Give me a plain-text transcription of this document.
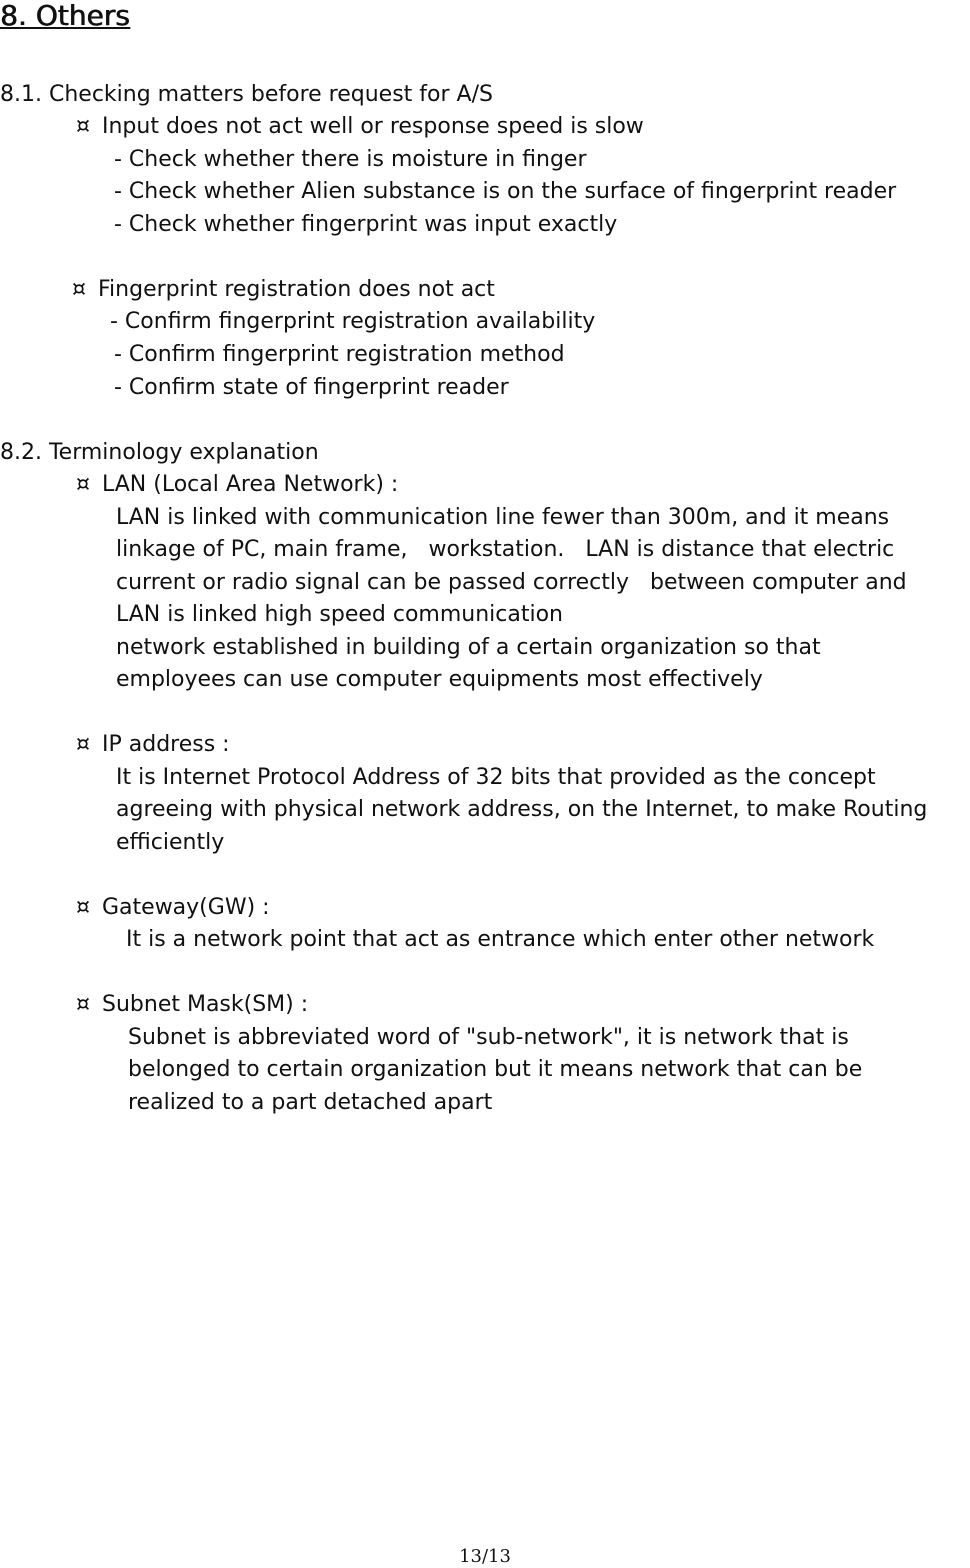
8. Others

8.1. Checking matters before request for A/S

¤ Input does not act well or response speed is slow

- Check whether there is moisture in finger

- Check whether Alien substance is on the surface of fingerprint reader

- Check whether fingerprint was input exactly

¤ Fingerprint registration does not act

- Confirm fingerprint registration availability

- Confirm fingerprint registration method

- Confirm state of fingerprint reader

8.2. Terminology explanation

¤ LAN (Local Area Network) :

LAN is linked with communication line fewer than 300m, and it means

linkage of PC, main frame,   workstation.   LAN is distance that electric

current or radio signal can be passed correctly   between computer and

LAN is linked high speed communication

network established in building of a certain organization so that

employees can use computer equipments most effectively

¤ IP address :

It is Internet Protocol Address of 32 bits that provided as the concept

agreeing with physical network address, on the Internet, to make Routing

efficiently

¤ Gateway(GW) :

It is a network point that act as entrance which enter other network

¤ Subnet Mask(SM) :

Subnet is abbreviated word of "sub-network", it is network that is

belonged to certain organization but it means network that can be

realized to a part detached apart

13/13
